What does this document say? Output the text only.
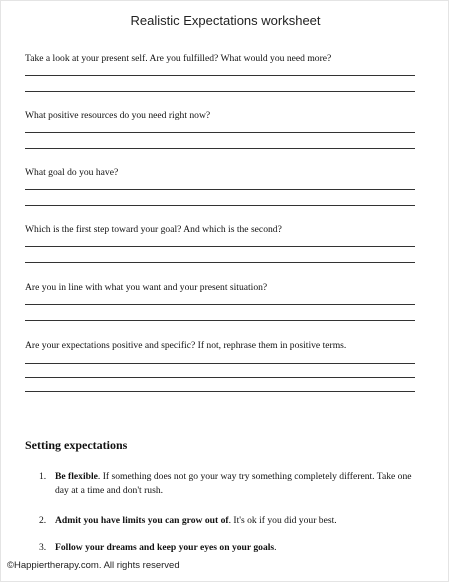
Realistic Expectations worksheet
Take a look at your present self. Are you fulfilled? What would you need more?
What positive resources do you need right now?
What goal do you have?
Which is the first step toward your goal? And which is the second?
Are you in line with what you want and your present situation?
Are your expectations positive and specific? If not, rephrase them in positive terms.
Setting expectations
1. Be flexible. If something does not go your way try something completely different. Take one day at a time and don't rush.
2. Admit you have limits you can grow out of. It's ok if you did your best.
3. Follow your dreams and keep your eyes on your goals.
©Happiertherapy.com. All rights reserved
